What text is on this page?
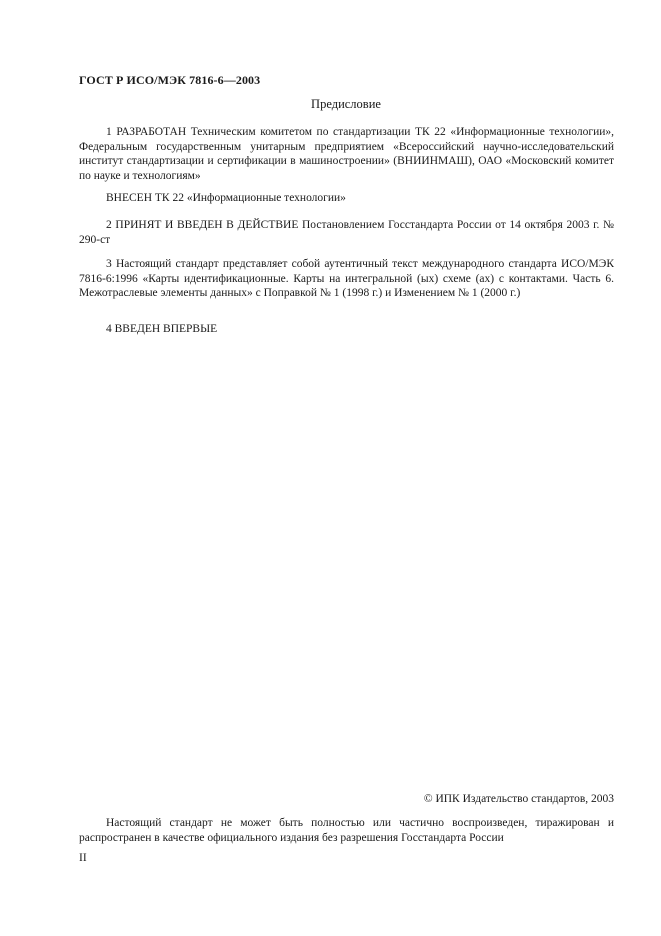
ГОСТ Р ИСО/МЭК 7816-6—2003
Предисловие
1 РАЗРАБОТАН Техническим комитетом по стандартизации ТК 22 «Информационные технологии», Федеральным государственным унитарным предприятием «Всероссийский научно-исследовательский институт стандартизации и сертификации в машиностроении» (ВНИИНМАШ), ОАО «Московский комитет по науке и технологиям»
ВНЕСЕН ТК 22 «Информационные технологии»
2 ПРИНЯТ И ВВЕДЕН В ДЕЙСТВИЕ Постановлением Госстандарта России от 14 октября 2003 г. № 290-ст
3 Настоящий стандарт представляет собой аутентичный текст международного стандарта ИСО/МЭК 7816-6:1996 «Карты идентификационные. Карты на интегральной (ых) схеме (ах) с контактами. Часть 6. Межотраслевые элементы данных» с Поправкой № 1 (1998 г.) и Изменением № 1 (2000 г.)
4 ВВЕДЕН ВПЕРВЫЕ
© ИПК Издательство стандартов, 2003
Настоящий стандарт не может быть полностью или частично воспроизведен, тиражирован и распространен в качестве официального издания без разрешения Госстандарта России
II
